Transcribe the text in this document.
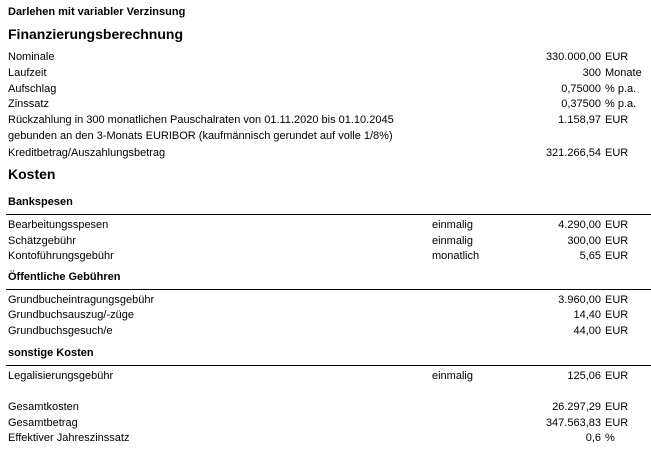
Darlehen mit variabler Verzinsung
Finanzierungsberechnung
Nominale	330.000,00 EUR
Laufzeit	300 Monate
Aufschlag	0,75000 % p.a.
Zinssatz	0,37500 % p.a.
Rückzahlung in 300 monatlichen Pauschalraten von 01.11.2020 bis 01.10.2045	1.158,97 EUR
gebunden an den 3-Monats EURIBOR (kaufmännisch gerundet auf volle 1/8%)
Kreditbetrag/Auszahlungsbetrag	321.266,54 EUR
Kosten
Bankspesen
Bearbeitungsspesen	einmalig	4.290,00 EUR
Schätzgebühr	einmalig	300,00 EUR
Kontoführungsgebühr	monatlich	5,65 EUR
Öffentliche Gebühren
Grundbucheintragungsgebühr	3.960,00 EUR
Grundbuchsauszug/-züge	14,40 EUR
Grundbuchsgesuch/e	44,00 EUR
sonstige Kosten
Legalisierungsgebühr	einmalig	125,06 EUR
Gesamtkosten	26.297,29 EUR
Gesamtbetrag	347.563,83 EUR
Effektiver Jahreszinssatz	0,6 %
